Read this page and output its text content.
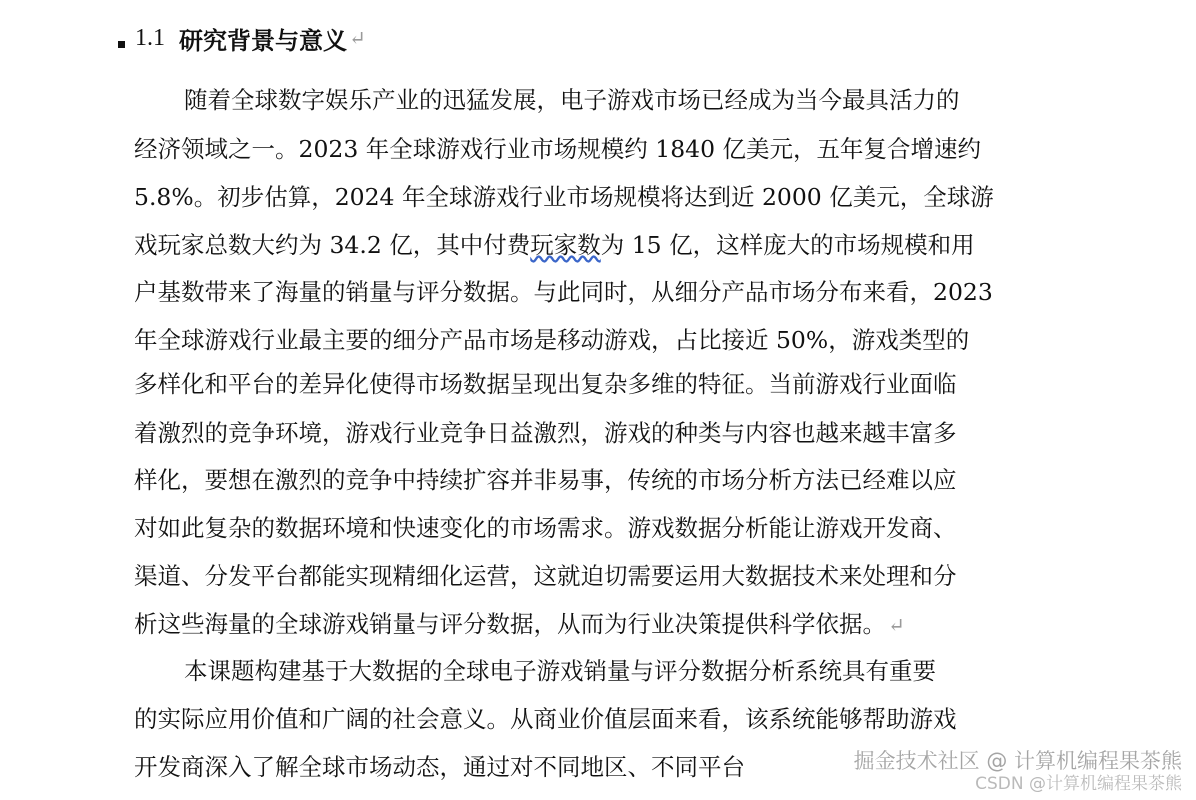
1.1 研究背景与意义 ↵
随着全球数字娱乐产业的迅猛发展，电子游戏市场已经成为当今最具活力的
经济领域之一。2023 年全球游戏行业市场规模约 1840 亿美元，五年复合增速约
5.8%。初步估算，2024 年全球游戏行业市场规模将达到近 2000 亿美元，全球游
戏玩家总数大约为 34.2 亿，其中付费玩家数为 15 亿，这样庞大的市场规模和用
户基数带来了海量的销量与评分数据。与此同时，从细分产品市场分布来看，2023
年全球游戏行业最主要的细分产品市场是移动游戏，占比接近 50%，游戏类型的
多样化和平台的差异化使得市场数据呈现出复杂多维的特征。当前游戏行业面临
着激烈的竞争环境，游戏行业竞争日益激烈，游戏的种类与内容也越来越丰富多
样化，要想在激烈的竞争中持续扩容并非易事，传统的市场分析方法已经难以应
对如此复杂的数据环境和快速变化的市场需求。游戏数据分析能让游戏开发商、
渠道、分发平台都能实现精细化运营，这就迫切需要运用大数据技术来处理和分
析这些海量的全球游戏销量与评分数据，从而为行业决策提供科学依据。 ↵
本课题构建基于大数据的全球电子游戏销量与评分数据分析系统具有重要
的实际应用价值和广阔的社会意义。从商业价值层面来看，该系统能够帮助游戏
开发商深入了解全球市场动态，通过对不同地区、不同平台	掘金技术社区 @ 计算机编程果茶熊
CSDN @计算机编程果茶熊
